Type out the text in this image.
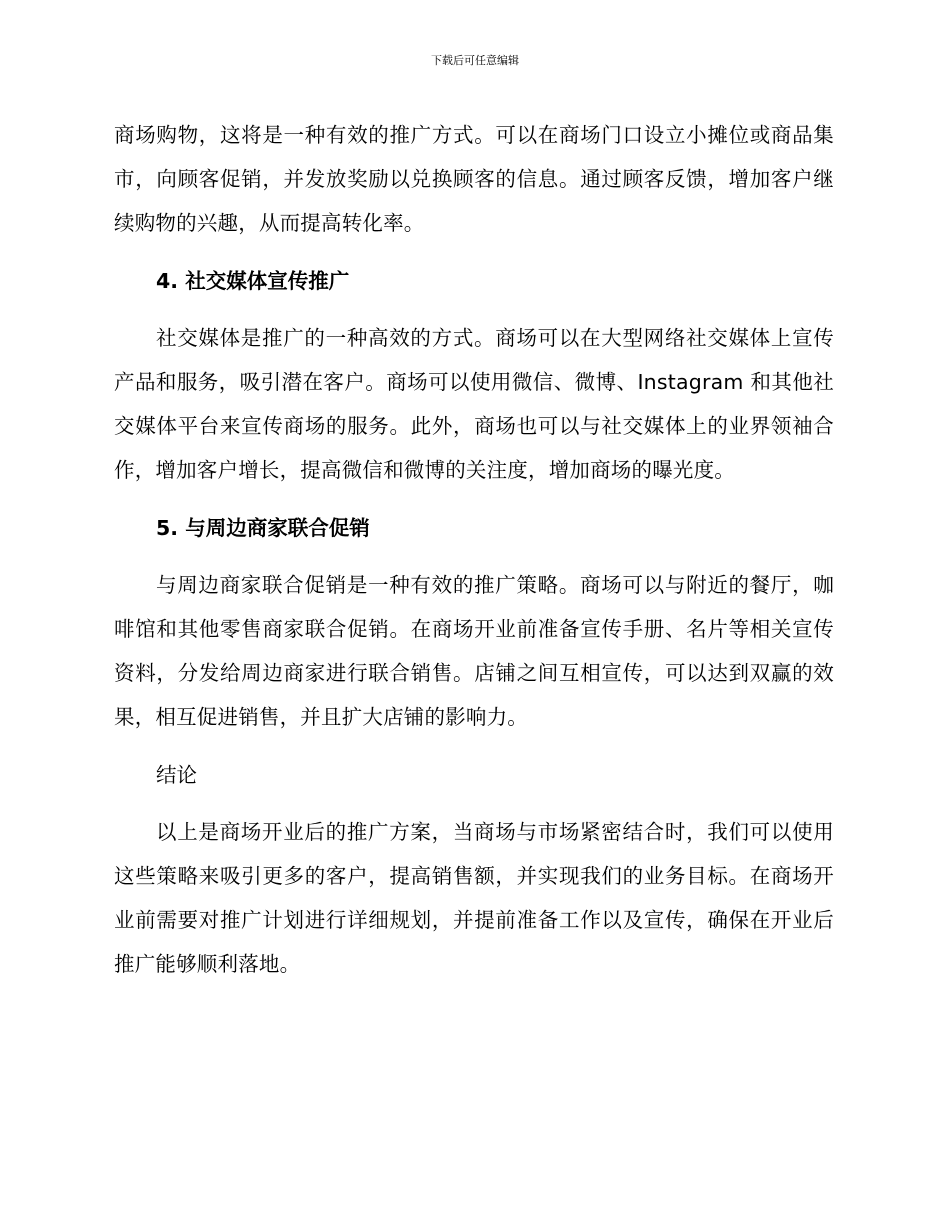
下载后可任意编辑

商场购物，这将是一种有效的推广方式。可以在商场门口设立小摊位或商品集市，向顾客促销，并发放奖励以兑换顾客的信息。通过顾客反馈，增加客户继续购物的兴趣，从而提高转化率。

4. 社交媒体宣传推广

社交媒体是推广的一种高效的方式。商场可以在大型网络社交媒体上宣传产品和服务，吸引潜在客户。商场可以使用微信、微博、Instagram 和其他社交媒体平台来宣传商场的服务。此外，商场也可以与社交媒体上的业界领袖合作，增加客户增长，提高微信和微博的关注度，增加商场的曝光度。

5. 与周边商家联合促销

与周边商家联合促销是一种有效的推广策略。商场可以与附近的餐厅，咖啡馆和其他零售商家联合促销。在商场开业前准备宣传手册、名片等相关宣传资料，分发给周边商家进行联合销售。店铺之间互相宣传，可以达到双赢的效果，相互促进销售，并且扩大店铺的影响力。

结论

以上是商场开业后的推广方案，当商场与市场紧密结合时，我们可以使用这些策略来吸引更多的客户，提高销售额，并实现我们的业务目标。在商场开业前需要对推广计划进行详细规划，并提前准备工作以及宣传，确保在开业后推广能够顺利落地。
